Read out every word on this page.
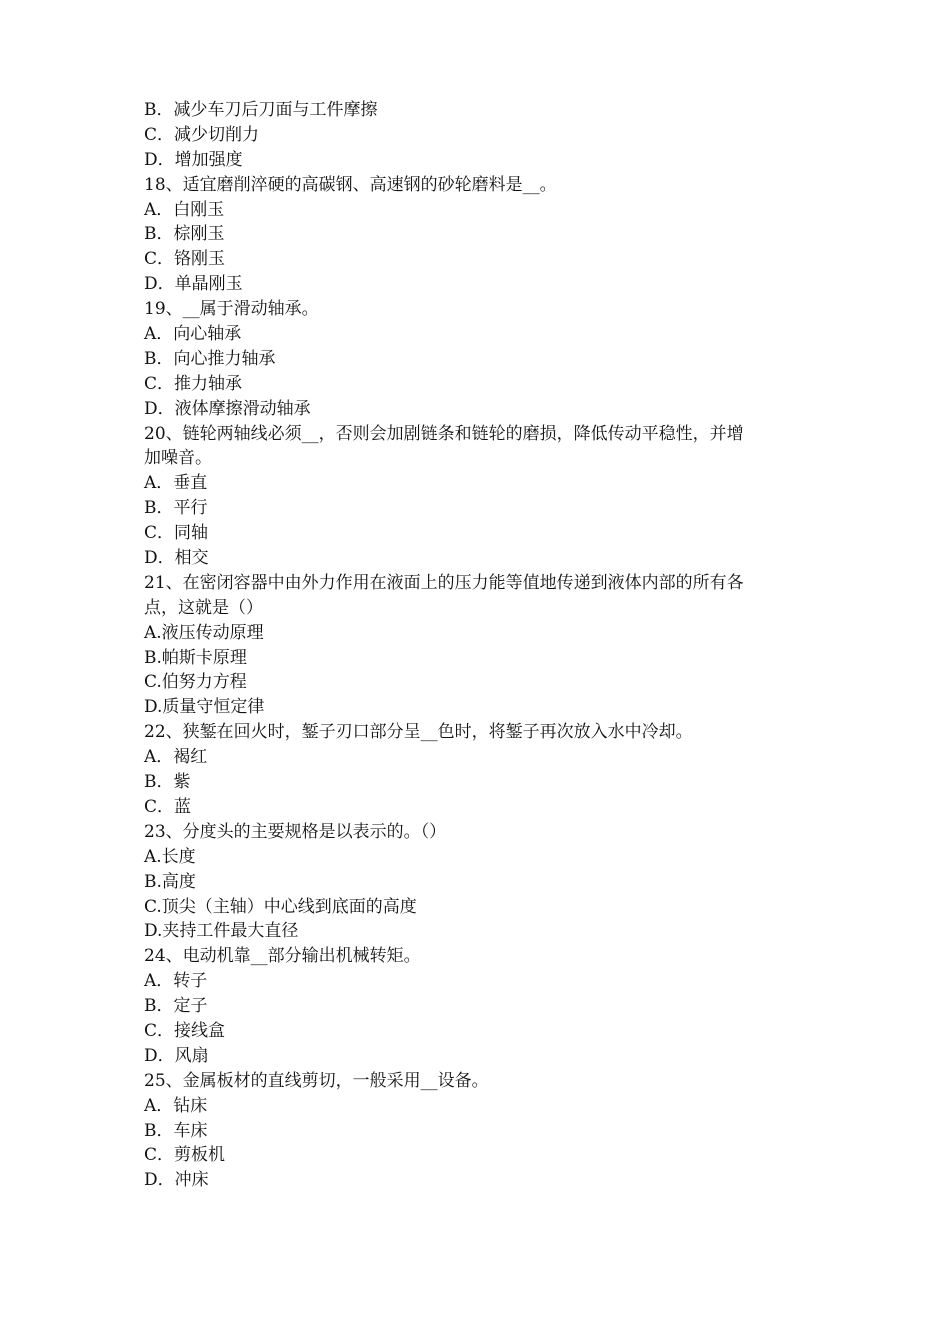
B．减少车刀后刀面与工件摩擦
C．减少切削力
D．增加强度
18、适宜磨削淬硬的高碳钢、高速钢的砂轮磨料是__。
A．白刚玉
B．棕刚玉
C．铬刚玉
D．单晶刚玉
19、__属于滑动轴承。
A．向心轴承
B．向心推力轴承
C．推力轴承
D．液体摩擦滑动轴承
20、链轮两轴线必须__，否则会加剧链条和链轮的磨损，降低传动平稳性，并增
加噪音。
A．垂直
B．平行
C．同轴
D．相交
21、在密闭容器中由外力作用在液面上的压力能等值地传递到液体内部的所有各
点，这就是（）
A.液压传动原理
B.帕斯卡原理
C.伯努力方程
D.质量守恒定律
22、狭錾在回火时，錾子刃口部分呈__色时，将錾子再次放入水中冷却。
A．褐红
B．紫
C．蓝
23、分度头的主要规格是以表示的。（）
A.长度
B.高度
C.顶尖（主轴）中心线到底面的高度
D.夹持工件最大直径
24、电动机靠__部分输出机械转矩。
A．转子
B．定子
C．接线盒
D．风扇
25、金属板材的直线剪切，一般采用__设备。
A．钻床
B．车床
C．剪板机
D．冲床
